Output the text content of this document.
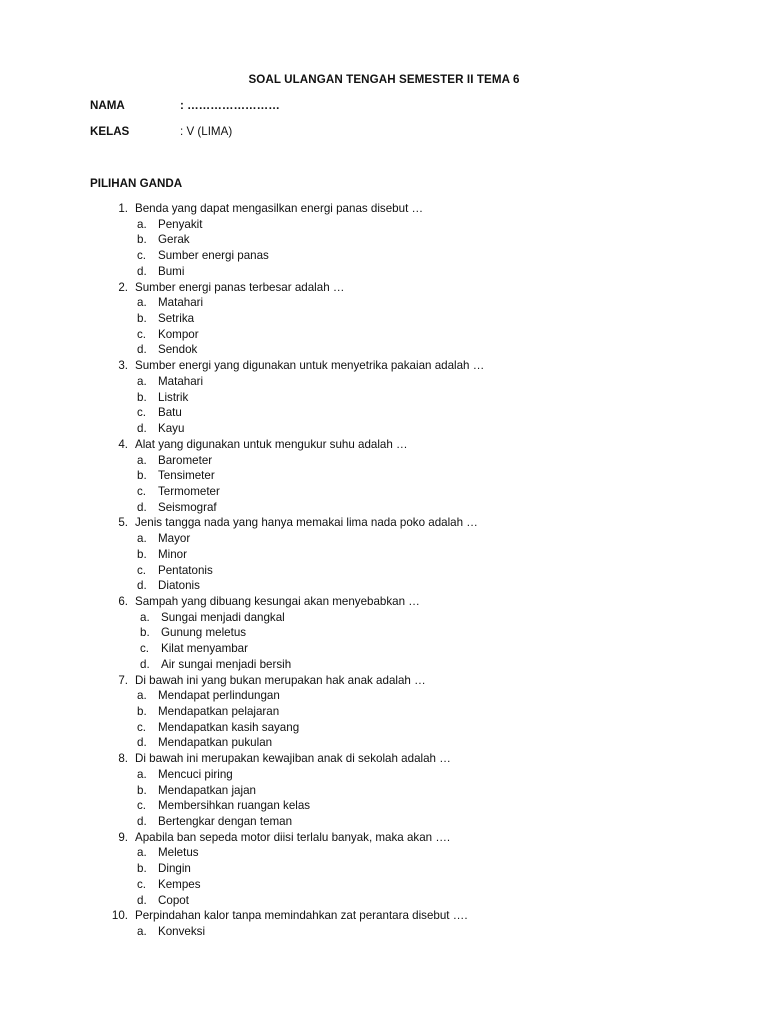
SOAL ULANGAN TENGAH SEMESTER II TEMA 6
NAMA	: ……………………
KELAS	: V (LIMA)
PILIHAN GANDA
1. Benda yang dapat mengasilkan energi panas disebut …
a. Penyakit
b. Gerak
c. Sumber energi panas
d. Bumi
2. Sumber energi panas terbesar adalah …
a. Matahari
b. Setrika
c. Kompor
d. Sendok
3. Sumber energi yang digunakan untuk menyetrika pakaian adalah …
a. Matahari
b. Listrik
c. Batu
d. Kayu
4. Alat yang digunakan untuk mengukur suhu adalah …
a. Barometer
b. Tensimeter
c. Termometer
d. Seismograf
5. Jenis tangga nada yang hanya memakai lima nada poko adalah …
a. Mayor
b. Minor
c. Pentatonis
d. Diatonis
6. Sampah yang dibuang kesungai akan menyebabkan …
a. Sungai menjadi dangkal
b. Gunung meletus
c. Kilat menyambar
d. Air sungai menjadi bersih
7. Di bawah ini yang bukan merupakan hak anak adalah …
a. Mendapat perlindungan
b. Mendapatkan pelajaran
c. Mendapatkan kasih sayang
d. Mendapatkan pukulan
8. Di bawah ini merupakan kewajiban anak di sekolah adalah …
a. Mencuci piring
b. Mendapatkan jajan
c. Membersihkan ruangan kelas
d. Bertengkar dengan teman
9. Apabila ban sepeda motor diisi terlalu banyak, maka akan ….
a. Meletus
b. Dingin
c. Kempes
d. Copot
10. Perpindahan kalor tanpa memindahkan zat perantara disebut ….
a. Konveksi
